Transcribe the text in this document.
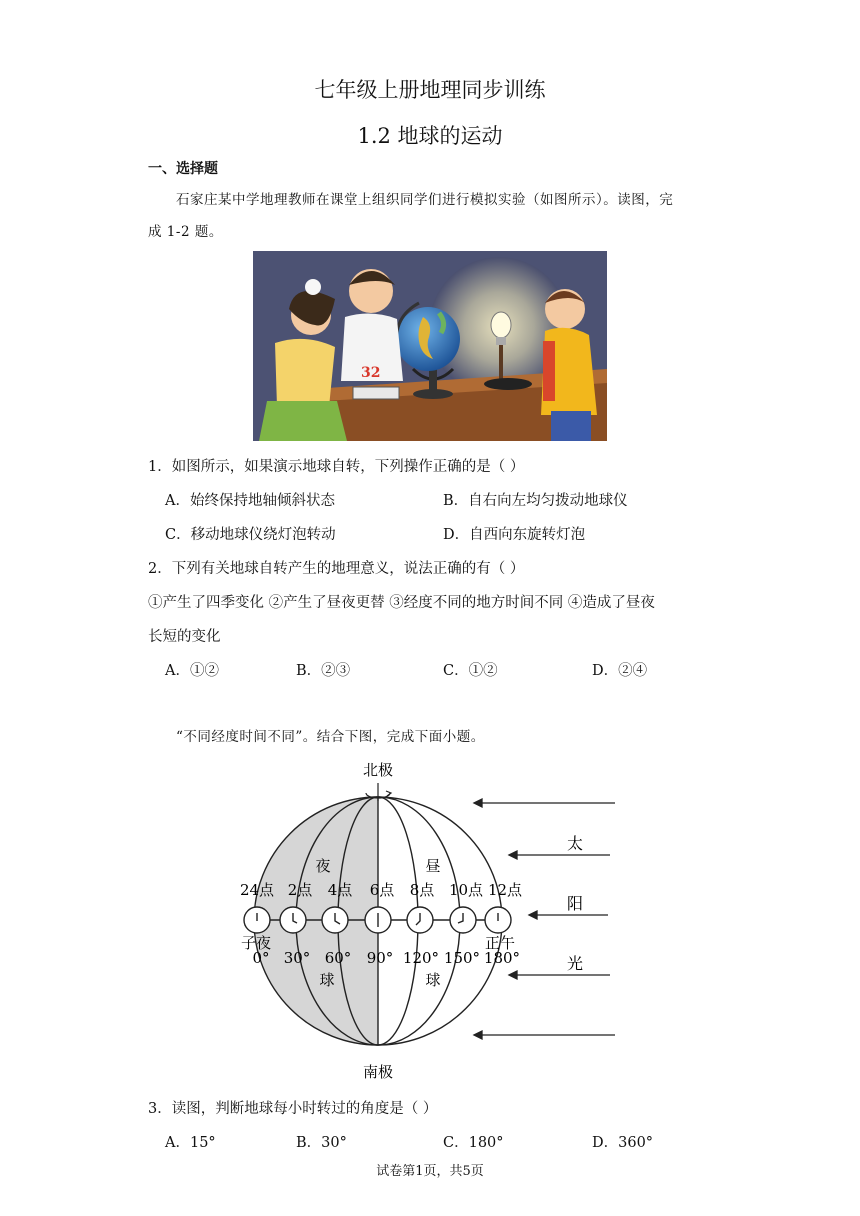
七年级上册地理同步训练
1.2 地球的运动
一、选择题
石家庄某中学地理教师在课堂上组织同学们进行模拟实验（如图所示）。读图，完
成 1-2 题。
32
1．如图所示，如果演示地球自转，下列操作正确的是（ ）
A．始终保持地轴倾斜状态	B．自右向左均匀拨动地球仪
C．移动地球仪绕灯泡转动	D．自西向东旋转灯泡
2．下列有关地球自转产生的地理意义，说法正确的有（ ）
①产生了四季变化 ②产生了昼夜更替 ③经度不同的地方时间不同 ④造成了昼夜
长短的变化
A．①②	B．②③	C．①②	D．②④
“不同经度时间不同”。结合下图，完成下面小题。
北极
南极
夜	昼
球	球
24点 2点 4点 6点 8点 10点 12点
子夜	正午
0° 30° 60° 90° 120° 150° 180°
太
阳
光
3．读图，判断地球每小时转过的角度是（ ）
A．15°	B．30°	C．180°	D．360°
试卷第1页，共5页
